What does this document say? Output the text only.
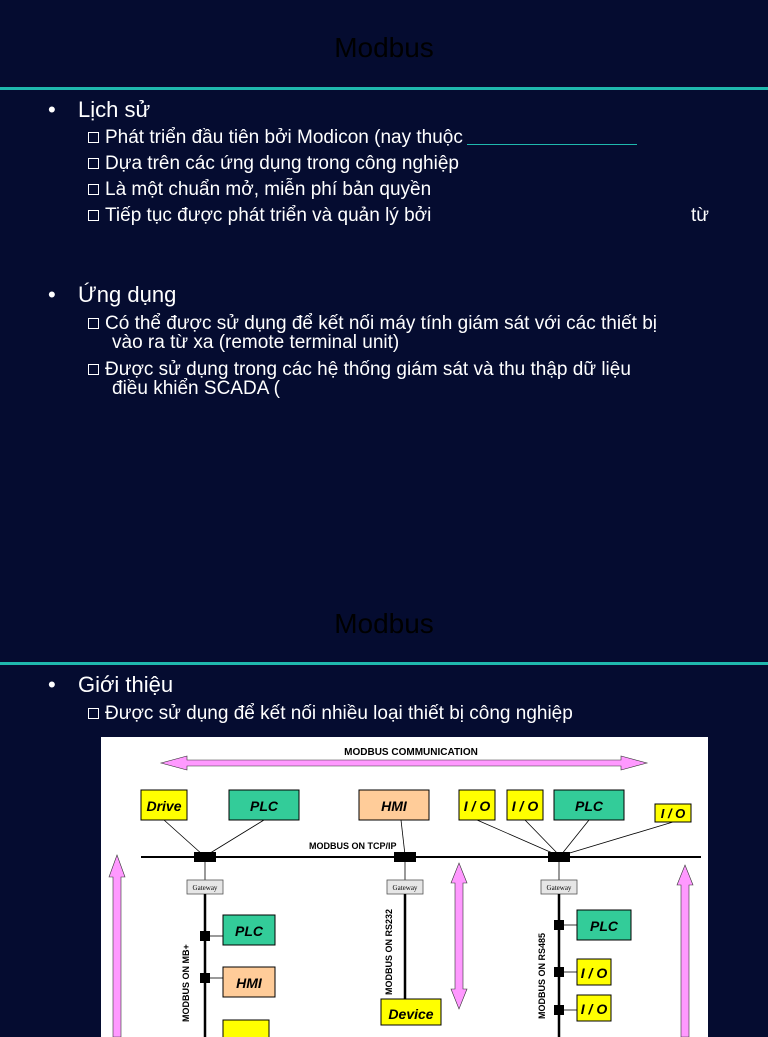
Modbus
• Lịch sử
Phát triển đầu tiên bởi Modicon (nay thuộc
Dựa trên các ứng dụng trong công nghiệp
Là một chuẩn mở, miễn phí bản quyền
Tiếp tục được phát triển và quản lý bởi	từ
• Ứng dụng
Có thể được sử dụng để kết nối máy tính giám sát với các thiết bị
vào ra từ xa (remote terminal unit)
Được sử dụng trong các hệ thống giám sát và thu thập dữ liệu
điều khiển SCADA (
Modbus
• Giới thiệu
Được sử dụng để kết nối nhiều loại thiết bị công nghiệp
MODBUS COMMUNICATION
Drive	PLC	HMI	I / O I / O	PLC	I / O
MODBUS ON TCP/IP
Gateway	Gateway	Gateway
MODBUS ON MB+
PLC
HMI	MODBUS ON RS232
Device	MODBUS ON RS485
PLC
I / O
I / O
